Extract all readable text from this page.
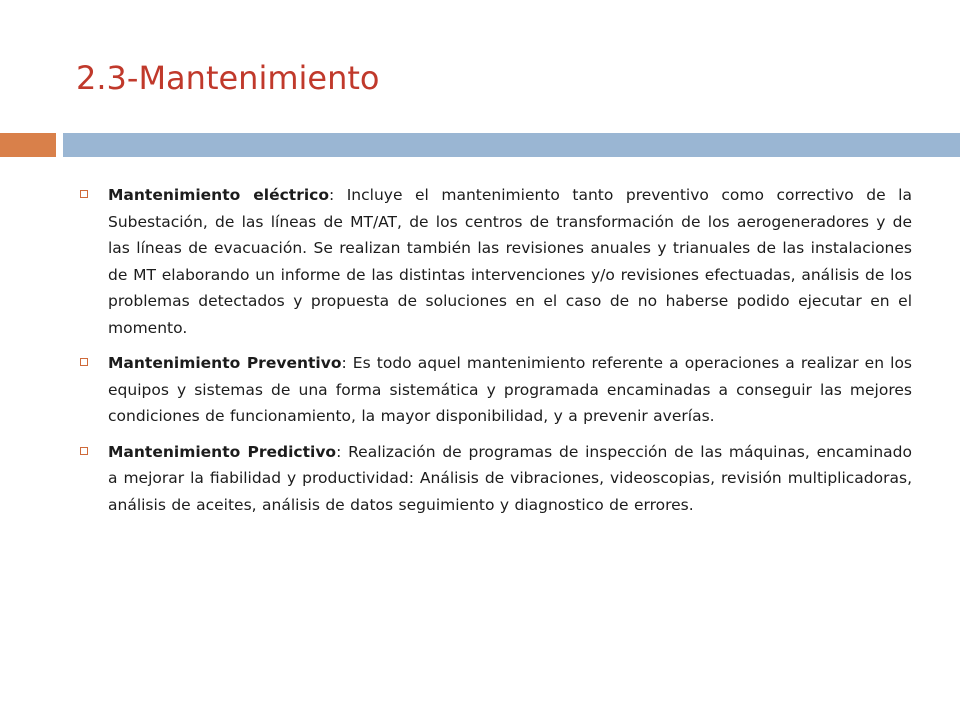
2.3-Mantenimiento

Mantenimiento eléctrico: Incluye el mantenimiento tanto preventivo como correctivo de la Subestación, de las líneas de MT/AT, de los centros de transformación de los aerogeneradores y de las líneas de evacuación. Se realizan también las revisiones anuales y trianuales de las instalaciones de MT elaborando un informe de las distintas intervenciones y/o revisiones efectuadas, análisis de los problemas detectados y propuesta de soluciones en el caso de no haberse podido ejecutar en el momento.

Mantenimiento Preventivo: Es todo aquel mantenimiento referente a operaciones a realizar en los equipos y sistemas de una forma sistemática y programada encaminadas a conseguir las mejores condiciones de funcionamiento, la mayor disponibilidad, y a prevenir averías.

Mantenimiento Predictivo: Realización de programas de inspección de las máquinas, encaminado a mejorar la fiabilidad y productividad: Análisis de vibraciones, videoscopias, revisión multiplicadoras, análisis de aceites, análisis de datos seguimiento y diagnostico de errores.
